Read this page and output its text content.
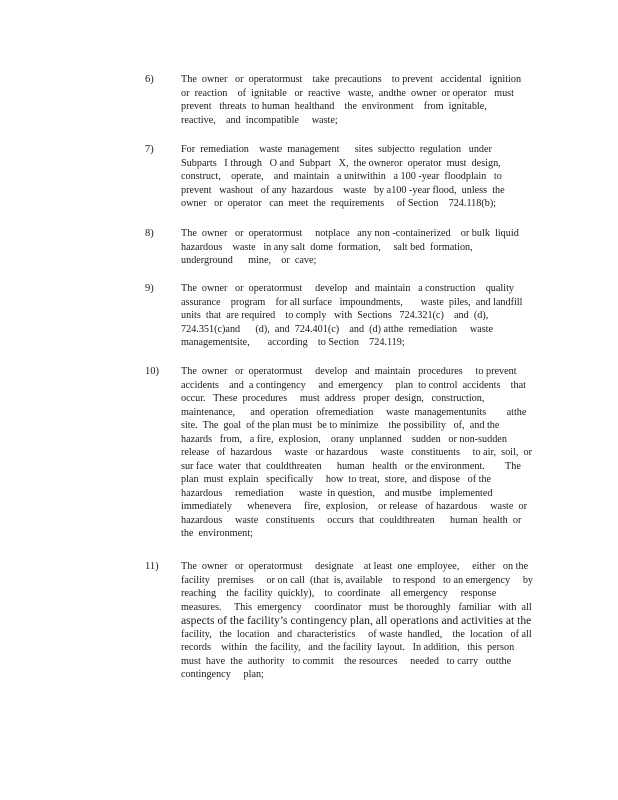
6)	The  owner   or  operatormust    take  precautions    to prevent   accidental   ignition
or  reaction    of  ignitable   or  reactive   waste,  andthe  owner  or operator   must
prevent   threats  to human  healthand    the  environment    from  ignitable,
reactive,    and  incompatible     waste;
7)	For  remediation    waste  management      sites  subjectto  regulation   under
Subparts   I through   O and  Subpart   X,  the owneror  operator  must  design,
construct,    operate,    and  maintain   a unitwithin   a 100 -year  floodplain   to
prevent   washout   of any  hazardous    waste   by a100 -year flood,  unless  the
owner   or  operator   can  meet  the  requirements     of Section    724.118(b);
8)	The  owner   or  operatormust     notplace   any non -containerized    or bulk  liquid
hazardous    waste   in any salt  dome  formation,     salt bed  formation,
underground      mine,    or  cave;
9)	The  owner   or  operatormust     develop   and  maintain   a construction    quality
assurance    program    for all surface   impoundments,       waste  piles,  and landfill
units  that  are required    to comply   with  Sections   724.321(c)    and  (d),
724.351(c)and      (d),  and  724.401(c)    and  (d) atthe  remediation     waste
managementsite,       according    to Section    724.119;
10) The  owner   or  operatormust     develop   and  maintain   procedures     to prevent
accidents    and  a contingency     and  emergency     plan  to control  accidents    that
occur.   These  procedures     must  address   proper  design,   construction,
maintenance,      and  operation   ofremediation     waste  managementunits        atthe
site.  The  goal  of the plan must  be to minimize    the possibility   of,  and the
hazards   from,   a fire,  explosion,    orany  unplanned    sudden   or non-sudden
release   of  hazardous     waste   or hazardous     waste   constituents     to air,  soil,  or
sur face  water  that  couldthreaten      human   health   or the environment.        The
plan  must  explain   specifically     how  to treat,  store,  and dispose   of the
hazardous     remediation      waste  in question,    and mustbe   implemented
immediately      whenevera     fire,  explosion,    or release   of hazardous     waste  or
hazardous     waste   constituents     occurs  that  couldthreaten      human  health  or
the  environment;
11) The  owner   or  operatormust     designate    at least  one  employee,     either   on the
facility   premises     or on call  (that  is, available    to respond   to an emergency     by
reaching    the  facility  quickly),    to  coordinate    all emergency     response
measures.     This  emergency     coordinator   must  be thoroughly   familiar   with  all
aspects of the facility’s contingency plan, all operations and activities at the
facility,   the  location   and  characteristics     of waste  handled,    the  location   of all
records    within   the facility,   and  the facility  layout.   In addition,   this  person
must  have  the  authority   to commit    the resources     needed   to carry   outthe
contingency     plan;
